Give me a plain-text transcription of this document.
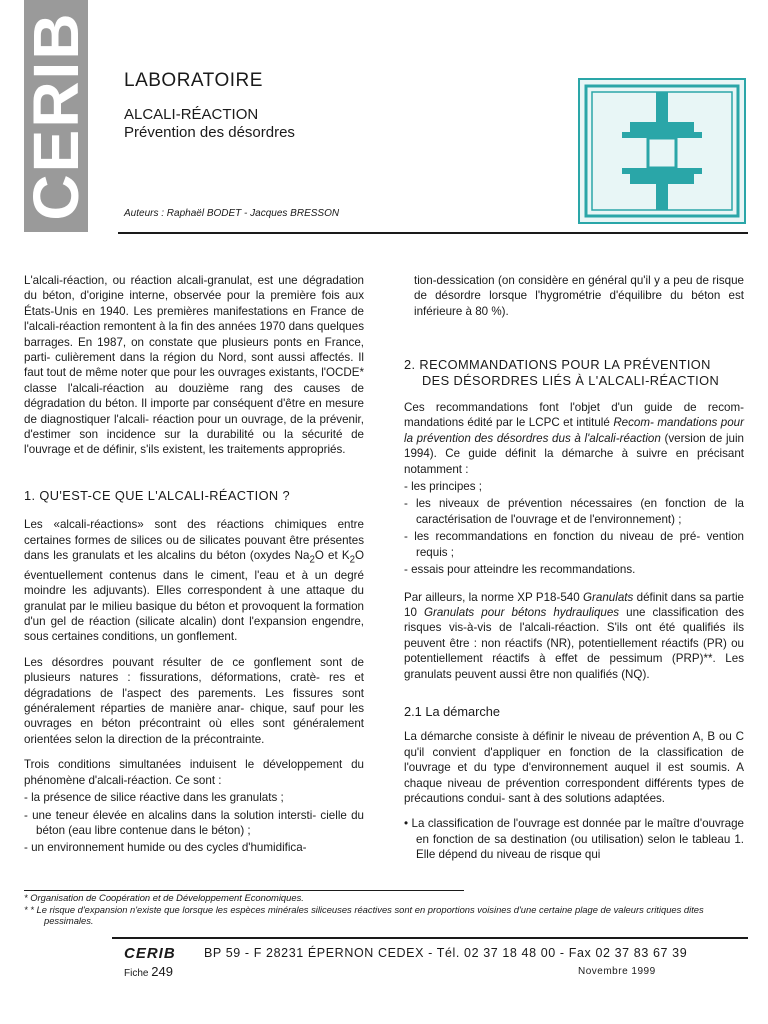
CERIB LABORATOIRE
ALCALI-RÉACTION
Prévention des désordres
Auteurs : Raphaël BODET - Jacques BRESSON

L'alcali-réaction, ou réaction alcali-granulat, est une dégradation du béton, d'origine interne, observée pour la première fois aux États-Unis en 1940. Les premières manifestations en France de l'alcali-réaction remontent à la fin des années 1970 dans quelques barrages. En 1987, on constate que plusieurs ponts en France, parti- culièrement dans la région du Nord, sont aussi affectés. Il faut tout de même noter que pour les ouvrages existants, l'OCDE* classe l'alcali-réaction au douzième rang des causes de dégradation du béton. Il importe par conséquent d'être en mesure de diagnostiquer l'alcali- réaction pour un ouvrage, de la prévenir, d'estimer son incidence sur la durabilité ou la sécurité de l'ouvrage et de définir, s'ils existent, les traitements appropriés.

1. QU'EST-CE QUE L'ALCALI-RÉACTION ?

Les «alcali-réactions» sont des réactions chimiques entre certaines formes de silices ou de silicates pouvant être présentes dans les granulats et les alcalins du béton (oxydes $Na_2O$ et $K_2O$ éventuellement contenus dans le ciment, l'eau et à un degré moindre les adjuvants). Elles correspondent à une attaque du granulat par le milieu basique du béton et provoquent la formation d'un gel de réaction (silicate alcalin) dont l'expansion engendre, sous certaines conditions, un gonflement.

Les désordres pouvant résulter de ce gonflement sont de plusieurs natures : fissurations, déformations, cratè- res et dégradations de l'aspect des parements. Les fissures sont généralement réparties de manière anar- chique, sauf pour les ouvrages en béton précontraint où elles sont généralement orientées selon la direction de la précontrainte.

Trois conditions simultanées induisent le développement du phénomène d'alcali-réaction. Ce sont :

- la présence de silice réactive dans les granulats ;
- une teneur élevée en alcalins dans la solution intersti- cielle du béton (eau libre contenue dans le béton) ;
- un environnement humide ou des cycles d'humidifica-

tion-dessication (on considère en général qu'il y a peu de risque de désordre lorsque l'hygrométrie d'équilibre du béton est inférieure à 80 %).

2. RECOMMANDATIONS POUR LA PRÉVENTION
DES DÉSORDRES LIÉS À L'ALCALI-RÉACTION

Ces recommandations font l'objet d'un guide de recom- mandations édité par le LCPC et intitulé Recom- mandations pour la prévention des désordres dus à l'alcali-réaction (version de juin 1994). Ce guide définit la démarche à suivre en précisant notamment :

- les principes ;
- les niveaux de prévention nécessaires (en fonction de la caractérisation de l'ouvrage et de l'environnement) ;
- les recommandations en fonction du niveau de pré- vention requis ;
- essais pour atteindre les recommandations.

Par ailleurs, la norme XP P18-540 Granulats définit dans sa partie 10 Granulats pour bétons hydrauliques une classification des risques vis-à-vis de l'alcali-réaction. S'ils ont été qualifiés ils peuvent être : non réactifs (NR), potentiellement réactifs (PR) ou potentiellement réactifs à effet de pessimum (PRP)**. Les granulats peuvent aussi être non qualifiés (NQ).

2.1 La démarche

La démarche consiste à définir le niveau de prévention A, B ou C qu'il convient d'appliquer en fonction de la classification de l'ouvrage et du type d'environnement auquel il est soumis. A chaque niveau de prévention correspondent différents types de précautions condui- sant à des solutions adaptées.

• La classification de l'ouvrage est donnée par le maître d'ouvrage en fonction de sa destination (ou utilisation) selon le tableau 1. Elle dépend du niveau de risque qui
* Organisation de Coopération et de Développement Economiques.
* * Le risque d'expansion n'existe que lorsque les espèces minérales siliceuses réactives sont en proportions voisines d'une certaine plage de valeurs critiques dites pessimales.
CERIB BP 59 - F 28231 ÉPERNON CEDEX - Tél. 02 37 18 48 00 - Fax 02 37 83 67 39
Fiche 249	Novembre 1999
